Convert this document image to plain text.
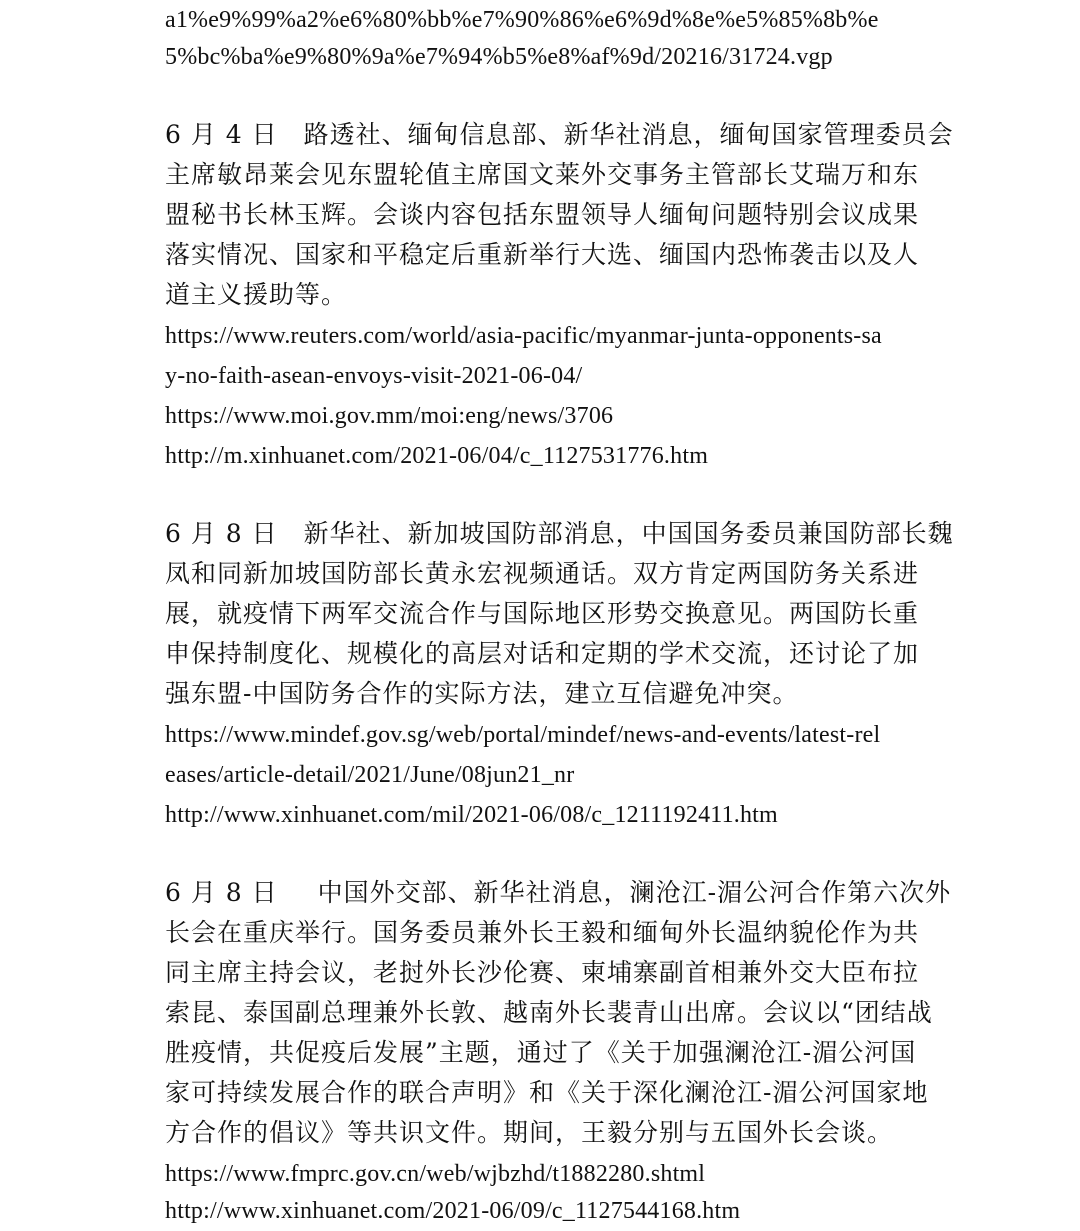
a1%e9%99%a2%e6%80%bb%e7%90%86%e6%9d%8e%e5%85%8b%e
5%bc%ba%e9%80%9a%e7%94%b5%e8%af%9d/20216/31724.vgp
6 月 4 日 路透社、缅甸信息部、新华社消息，缅甸国家管理委员会
主席敏昂莱会见东盟轮值主席国文莱外交事务主管部长艾瑞万和东
盟秘书长林玉辉。会谈内容包括东盟领导人缅甸问题特别会议成果
落实情况、国家和平稳定后重新举行大选、缅国内恐怖袭击以及人
道主义援助等。
https://www.reuters.com/world/asia-pacific/myanmar-junta-opponents-sa
y-no-faith-asean-envoys-visit-2021-06-04/
https://www.moi.gov.mm/moi:eng/news/3706
http://m.xinhuanet.com/2021-06/04/c_1127531776.htm
6 月 8 日 新华社、新加坡国防部消息，中国国务委员兼国防部长魏
凤和同新加坡国防部长黄永宏视频通话。双方肯定两国防务关系进
展，就疫情下两军交流合作与国际地区形势交换意见。两国防长重
申保持制度化、规模化的高层对话和定期的学术交流，还讨论了加
强东盟-中国防务合作的实际方法，建立互信避免冲突。
https://www.mindef.gov.sg/web/portal/mindef/news-and-events/latest-rel
eases/article-detail/2021/June/08jun21_nr
http://www.xinhuanet.com/mil/2021-06/08/c_1211192411.htm
6 月 8 日 中国外交部、新华社消息，澜沧江-湄公河合作第六次外
长会在重庆举行。国务委员兼外长王毅和缅甸外长温纳貌伦作为共
同主席主持会议，老挝外长沙伦赛、柬埔寨副首相兼外交大臣布拉
索昆、泰国副总理兼外长敦、越南外长裴青山出席。会议以“团结战
胜疫情，共促疫后发展”主题，通过了《关于加强澜沧江-湄公河国
家可持续发展合作的联合声明》和《关于深化澜沧江-湄公河国家地
方合作的倡议》等共识文件。期间，王毅分别与五国外长会谈。
https://www.fmprc.gov.cn/web/wjbzhd/t1882280.shtml
http://www.xinhuanet.com/2021-06/09/c_1127544168.htm
